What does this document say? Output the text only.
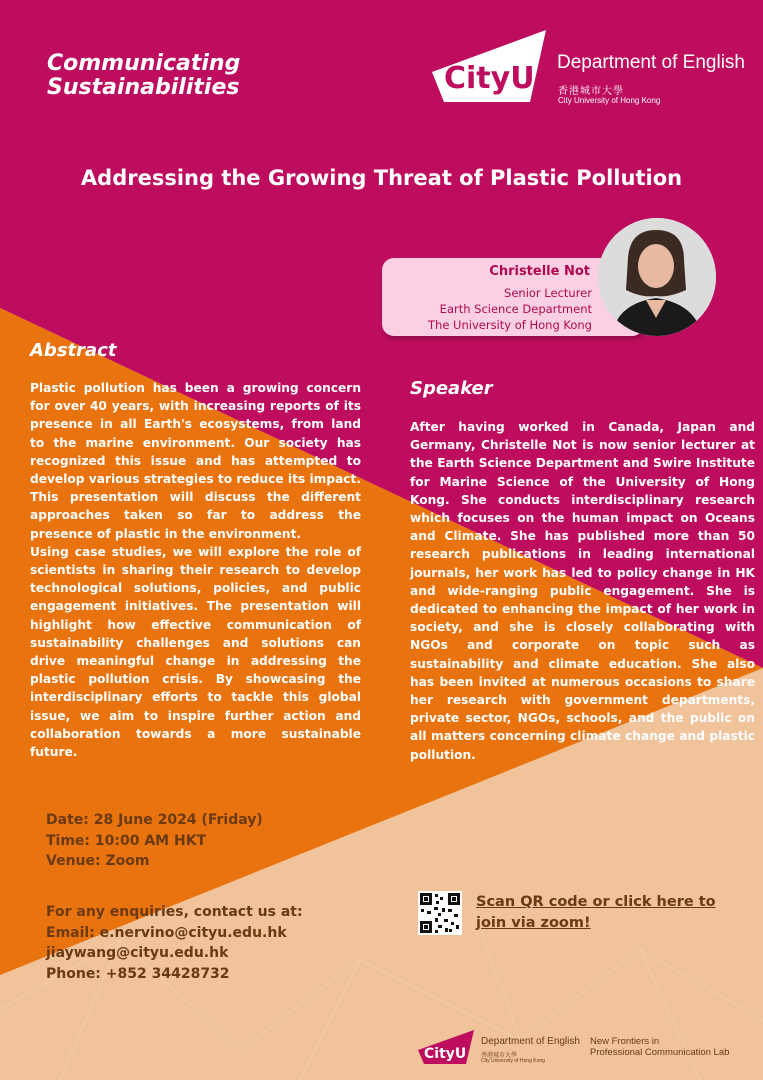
Communicating
Sustainabilities	CityU Department of English
香港城市大學
City University of Hong Kong
Addressing the Growing Threat of Plastic Pollution
Christelle Not
Senior Lecturer
Earth Science Department
The University of Hong Kong
Abstract
Plastic pollution has been a growing concern for over 40 years, with increasing reports of its presence in all Earth's ecosystems, from land to the marine environment. Our society has recognized this issue and has attempted to develop various strategies to reduce its impact. This presentation will discuss the different approaches taken so far to address the presence of plastic in the environment.
Using case studies, we will explore the role of scientists in sharing their research to develop technological solutions, policies, and public engagement initiatives. The presentation will highlight how effective communication of sustainability challenges and solutions can drive meaningful change in addressing the plastic pollution crisis. By showcasing the interdisciplinary efforts to tackle this global issue, we aim to inspire further action and collaboration towards a more sustainable future.
Speaker
After having worked in Canada, Japan and Germany, Christelle Not is now senior lecturer at the Earth Science Department and Swire Institute for Marine Science of the University of Hong Kong. She conducts interdisciplinary research which focuses on the human impact on Oceans and Climate. She has published more than 50 research publications in leading international journals, her work has led to policy change in HK and wide-ranging public engagement. She is dedicated to enhancing the impact of her work in society, and she is closely collaborating with NGOs and corporate on topic such as sustainability and climate education. She also has been invited at numerous occasions to share her research with government departments, private sector, NGOs, schools, and the public on all matters concerning climate change and plastic pollution.
Date: 28 June 2024 (Friday)
Time: 10:00 AM HKT
Venue: Zoom
For any enquiries, contact us at:
Email: e.nervino@cityu.edu.hk
jiaywang@cityu.edu.hk
Phone: +852 34428732
Scan QR code or click here to
join via zoom!
CityU
Department of English
香港城市大學
City University of Hong Kong
New Frontiers in
Professional Communication Lab
